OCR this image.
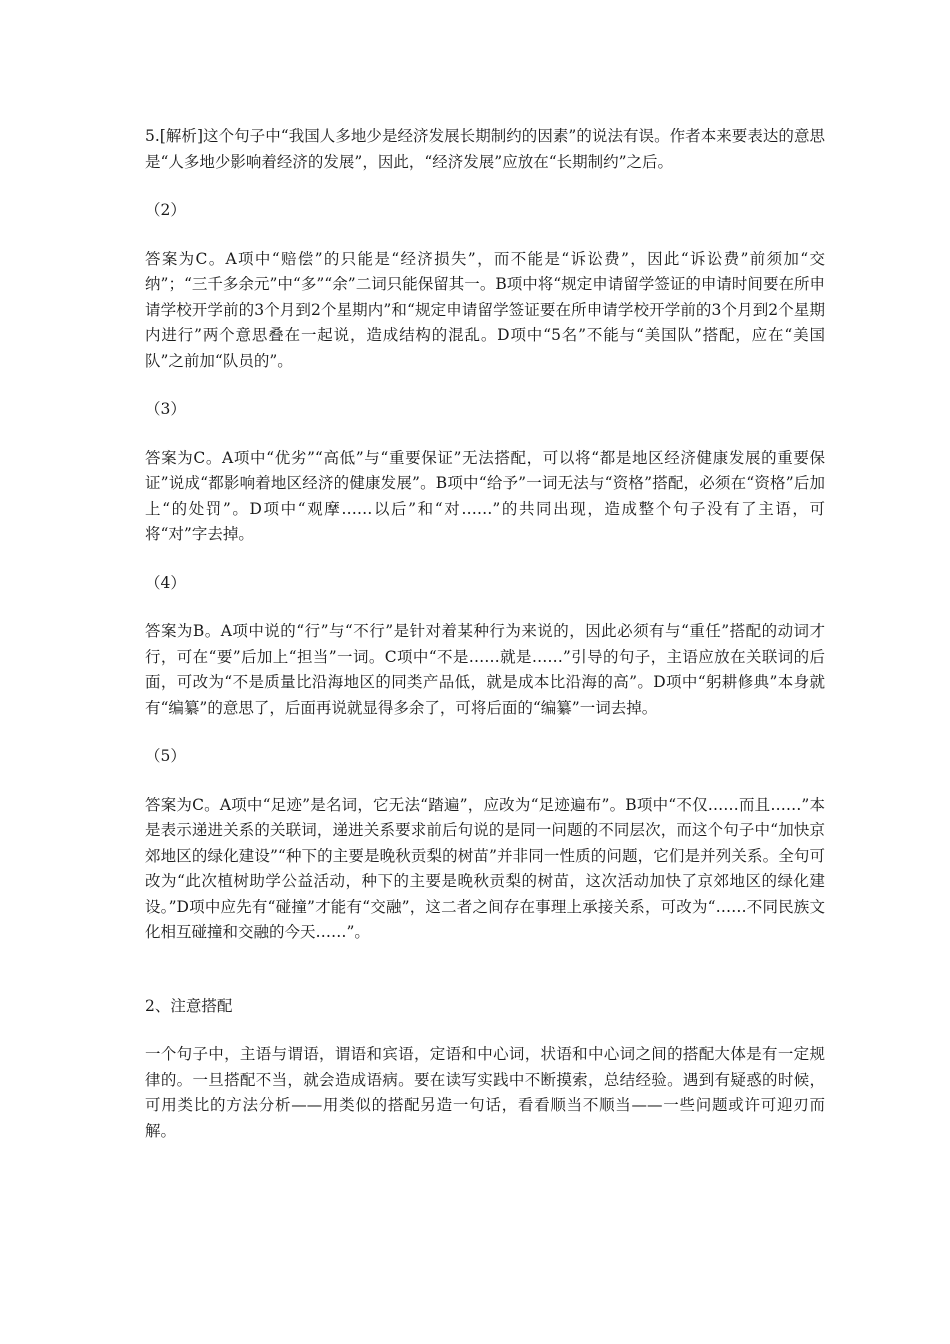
5.[解析]这个句子中“我国人多地少是经济发展长期制约的因素”的说法有误。作者本来要表达的意思是“人多地少影响着经济的发展”，因此，“经济发展”应放在“长期制约”之后。

（2）

答案为C。A项中“赔偿”的只能是“经济损失”，而不能是“诉讼费”，因此“诉讼费”前须加“交纳”；“三千多余元”中“多”“余”二词只能保留其一。B项中将“规定申请留学签证的申请时间要在所申请学校开学前的3个月到2个星期内”和“规定申请留学签证要在所申请学校开学前的3个月到2个星期内进行”两个意思叠在一起说，造成结构的混乱。D项中“5名”不能与“美国队”搭配，应在“美国队”之前加“队员的”。

（3）

答案为C。A项中“优劣”“高低”与“重要保证”无法搭配，可以将“都是地区经济健康发展的重要保证”说成“都影响着地区经济的健康发展”。B项中“给予”一词无法与“资格”搭配，必须在“资格”后加上“的处罚”。D项中“观摩……以后”和“对……”的共同出现，造成整个句子没有了主语，可将“对”字去掉。

（4）

答案为B。A项中说的“行”与“不行”是针对着某种行为来说的，因此必须有与“重任”搭配的动词才行，可在“要”后加上“担当”一词。C项中“不是……就是……”引导的句子，主语应放在关联词的后面，可改为“不是质量比沿海地区的同类产品低，就是成本比沿海的高”。D项中“躬耕修典”本身就有“编纂”的意思了，后面再说就显得多余了，可将后面的“编纂”一词去掉。

（5）

答案为C。A项中“足迹”是名词，它无法“踏遍”，应改为“足迹遍布”。B项中“不仅……而且……”本是表示递进关系的关联词，递进关系要求前后句说的是同一问题的不同层次，而这个句子中“加快京郊地区的绿化建设”“种下的主要是晚秋贡梨的树苗”并非同一性质的问题，它们是并列关系。全句可改为“此次植树助学公益活动，种下的主要是晚秋贡梨的树苗，这次活动加快了京郊地区的绿化建设。”D项中应先有“碰撞”才能有“交融”，这二者之间存在事理上承接关系，可改为“……不同民族文化相互碰撞和交融的今天……”。

2、注意搭配

一个句子中，主语与谓语，谓语和宾语，定语和中心词，状语和中心词之间的搭配大体是有一定规律的。一旦搭配不当，就会造成语病。要在读写实践中不断摸索，总结经验。遇到有疑惑的时候，可用类比的方法分析——用类似的搭配另造一句话，看看顺当不顺当——一些问题或许可迎刃而解。
